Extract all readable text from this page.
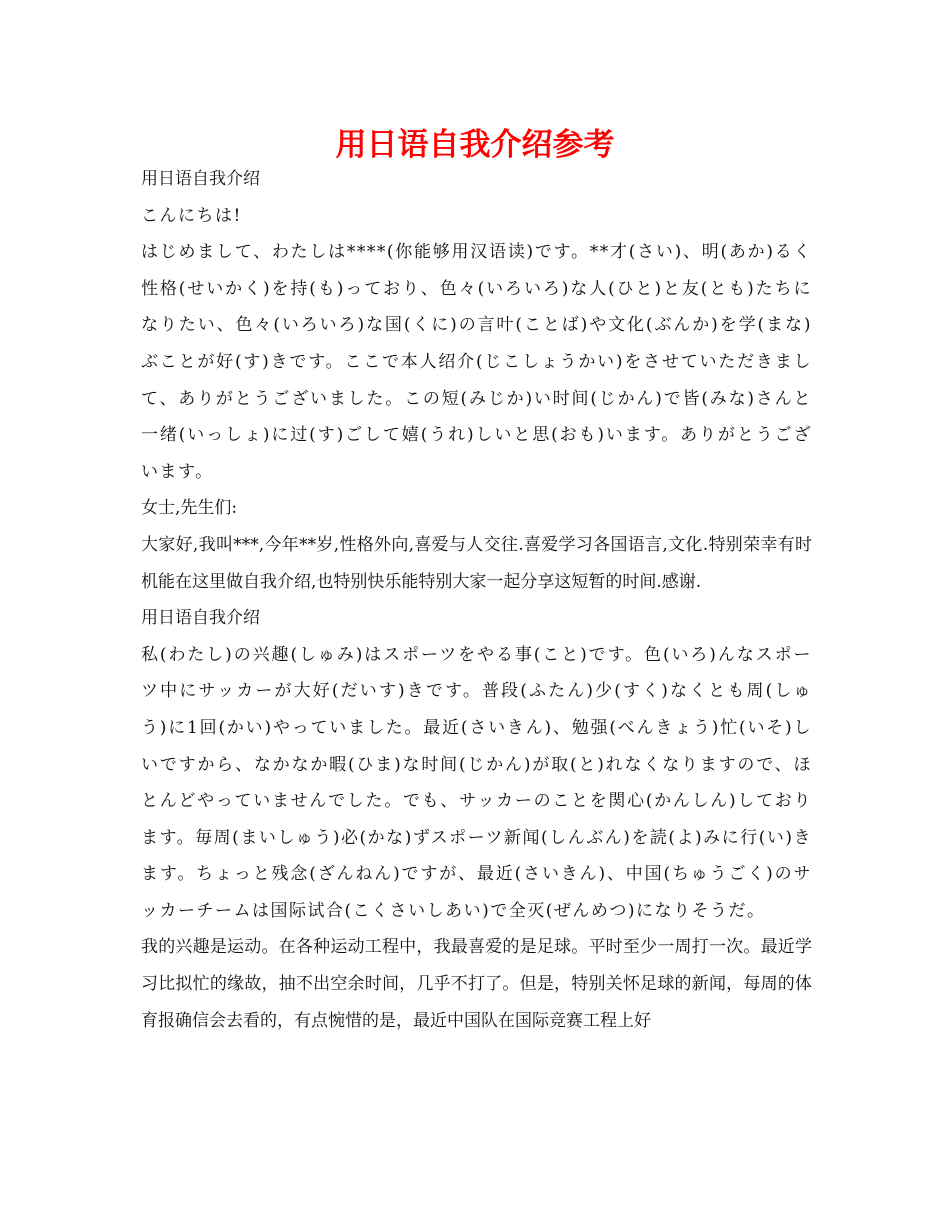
用日语自我介绍参考

用日语自我介绍

こんにちは!

はじめまして、わたしは****(你能够用汉语读)です。**才(さい)、明(あか)るく性格(せいかく)を持(も)っており、色々(いろいろ)な人(ひと)と友(とも)たちになりたい、色々(いろいろ)な国(くに)の言叶(ことば)や文化(ぶんか)を学(まな)ぶことが好(す)きです。ここで本人绍介(じこしょうかい)をさせていただきまして、ありがとうございました。この短(みじか)い时间(じかん)で皆(みな)さんと一绪(いっしょ)に过(す)ごして嬉(うれ)しいと思(おも)います。ありがとうございます。

女士,先生们:

大家好,我叫***,今年**岁,性格外向,喜爱与人交往.喜爱学习各国语言,文化.特别荣幸有时机能在这里做自我介绍,也特别快乐能特别大家一起分享这短暂的时间.感谢.

用日语自我介绍

私(わたし)の兴趣(しゅみ)はスポーツをやる事(こと)です。色(いろ)んなスポーツ中にサッカーが大好(だいす)きです。普段(ふたん)少(すく)なくとも周(しゅう)に1回(かい)やっていました。最近(さいきん)、勉强(べんきょう)忙(いそ)しいですから、なかなか暇(ひま)な时间(じかん)が取(と)れなくなりますので、ほとんどやっていませんでした。でも、サッカーのことを関心(かんしん)しております。毎周(まいしゅう)必(かな)ずスポーツ新闻(しんぶん)を読(よ)みに行(い)きます。ちょっと残念(ざんねん)ですが、最近(さいきん)、中国(ちゅうごく)のサッカーチームは国际试合(こくさいしあい)で全灭(ぜんめつ)になりそうだ。

我的兴趣是运动。在各种运动工程中，我最喜爱的是足球。平时至少一周打一次。最近学习比拟忙的缘故，抽不出空余时间，几乎不打了。但是，特别关怀足球的新闻，每周的体育报确信会去看的，有点惋惜的是，最近中国队在国际竞赛工程上好
